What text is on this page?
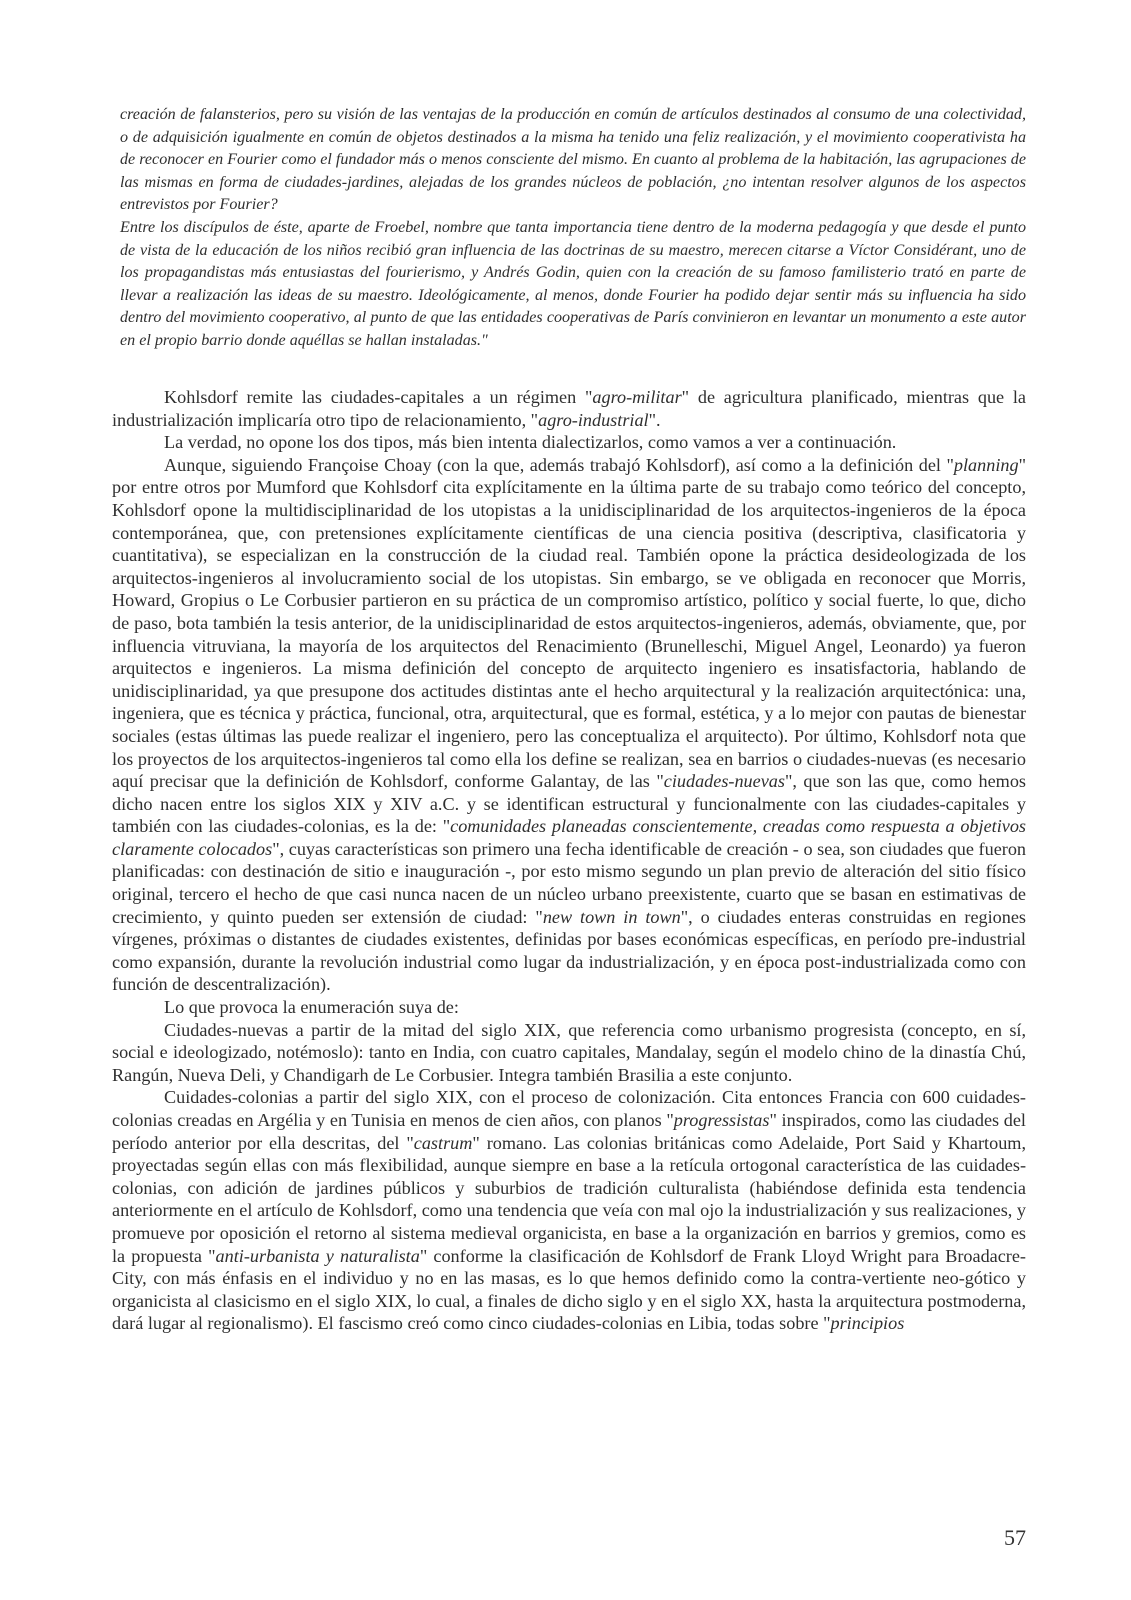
creación de falansterios, pero su visión de las ventajas de la producción en común de artículos destinados al consumo de una colectividad, o de adquisición igualmente en común de objetos destinados a la misma ha tenido una feliz realización, y el movimiento cooperativista ha de reconocer en Fourier como el fundador más o menos consciente del mismo. En cuanto al problema de la habitación, las agrupaciones de las mismas en forma de ciudades-jardines, alejadas de los grandes núcleos de población, ¿no intentan resolver algunos de los aspectos entrevistos por Fourier?

Entre los discípulos de éste, aparte de Froebel, nombre que tanta importancia tiene dentro de la moderna pedagogía y que desde el punto de vista de la educación de los niños recibió gran influencia de las doctrinas de su maestro, merecen citarse a Víctor Considérant, uno de los propagandistas más entusiastas del fourierismo, y Andrés Godin, quien con la creación de su famoso familisterio trató en parte de llevar a realización las ideas de su maestro. Ideológicamente, al menos, donde Fourier ha podido dejar sentir más su influencia ha sido dentro del movimiento cooperativo, al punto de que las entidades cooperativas de París convinieron en levantar un monumento a este autor en el propio barrio donde aquéllas se hallan instaladas."

Kohlsdorf remite las ciudades-capitales a un régimen "agro-militar" de agricultura planificado, mientras que la industrialización implicaría otro tipo de relacionamiento, "agro-industrial".

La verdad, no opone los dos tipos, más bien intenta dialectizarlos, como vamos a ver a continuación.

Aunque, siguiendo Françoise Choay (con la que, además trabajó Kohlsdorf), así como a la definición del "planning" por entre otros por Mumford que Kohlsdorf cita explícitamente en la última parte de su trabajo como teórico del concepto, Kohlsdorf opone la multidisciplinaridad de los utopistas a la unidisciplinaridad de los arquitectos-ingenieros de la época contemporánea, que, con pretensiones explícitamente científicas de una ciencia positiva (descriptiva, clasificatoria y cuantitativa), se especializan en la construcción de la ciudad real. También opone la práctica desideologizada de los arquitectos-ingenieros al involucramiento social de los utopistas. Sin embargo, se ve obligada en reconocer que Morris, Howard, Gropius o Le Corbusier partieron en su práctica de un compromiso artístico, político y social fuerte, lo que, dicho de paso, bota también la tesis anterior, de la unidisciplinaridad de estos arquitectos-ingenieros, además, obviamente, que, por influencia vitruviana, la mayoría de los arquitectos del Renacimiento (Brunelleschi, Miguel Angel, Leonardo) ya fueron arquitectos e ingenieros. La misma definición del concepto de arquitecto ingeniero es insatisfactoria, hablando de unidisciplinaridad, ya que presupone dos actitudes distintas ante el hecho arquitectural y la realización arquitectónica: una, ingeniera, que es técnica y práctica, funcional, otra, arquitectural, que es formal, estética, y a lo mejor con pautas de bienestar sociales (estas últimas las puede realizar el ingeniero, pero las conceptualiza el arquitecto). Por último, Kohlsdorf nota que los proyectos de los arquitectos-ingenieros tal como ella los define se realizan, sea en barrios o ciudades-nuevas (es necesario aquí precisar que la definición de Kohlsdorf, conforme Galantay, de las "ciudades-nuevas", que son las que, como hemos dicho nacen entre los siglos XIX y XIV a.C. y se identifican estructural y funcionalmente con las ciudades-capitales y también con las ciudades-colonias, es la de: "comunidades planeadas conscientemente, creadas como respuesta a objetivos claramente colocados", cuyas características son primero una fecha identificable de creación - o sea, son ciudades que fueron planificadas: con destinación de sitio e inauguración -, por esto mismo segundo un plan previo de alteración del sitio físico original, tercero el hecho de que casi nunca nacen de un núcleo urbano preexistente, cuarto que se basan en estimativas de crecimiento, y quinto pueden ser extensión de ciudad: "new town in town", o ciudades enteras construidas en regiones vírgenes, próximas o distantes de ciudades existentes, definidas por bases económicas específicas, en período pre-industrial como expansión, durante la revolución industrial como lugar da industrialización, y en época post-industrializada como con función de descentralización).

Lo que provoca la enumeración suya de:

Ciudades-nuevas a partir de la mitad del siglo XIX, que referencia como urbanismo progresista (concepto, en sí, social e ideologizado, notémoslo): tanto en India, con cuatro capitales, Mandalay, según el modelo chino de la dinastía Chú, Rangún, Nueva Deli, y Chandigarh de Le Corbusier. Integra también Brasilia a este conjunto.

Cuidades-colonias a partir del siglo XIX, con el proceso de colonización. Cita entonces Francia con 600 cuidades-colonias creadas en Argélia y en Tunisia en menos de cien años, con planos "progressistas" inspirados, como las ciudades del período anterior por ella descritas, del "castrum" romano. Las colonias británicas como Adelaide, Port Said y Khartoum, proyectadas según ellas con más flexibilidad, aunque siempre en base a la retícula ortogonal característica de las cuidades-colonias, con adición de jardines públicos y suburbios de tradición culturalista (habiéndose definida esta tendencia anteriormente en el artículo de Kohlsdorf, como una tendencia que veía con mal ojo la industrialización y sus realizaciones, y promueve por oposición el retorno al sistema medieval organicista, en base a la organización en barrios y gremios, como es la propuesta "anti-urbanista y naturalista" conforme la clasificación de Kohlsdorf de Frank Lloyd Wright para Broadacre-City, con más énfasis en el individuo y no en las masas, es lo que hemos definido como la contra-vertiente neo-gótico y organicista al clasicismo en el siglo XIX, lo cual, a finales de dicho siglo y en el siglo XX, hasta la arquitectura postmoderna, dará lugar al regionalismo). El fascismo creó como cinco ciudades-colonias en Libia, todas sobre "principios

57
